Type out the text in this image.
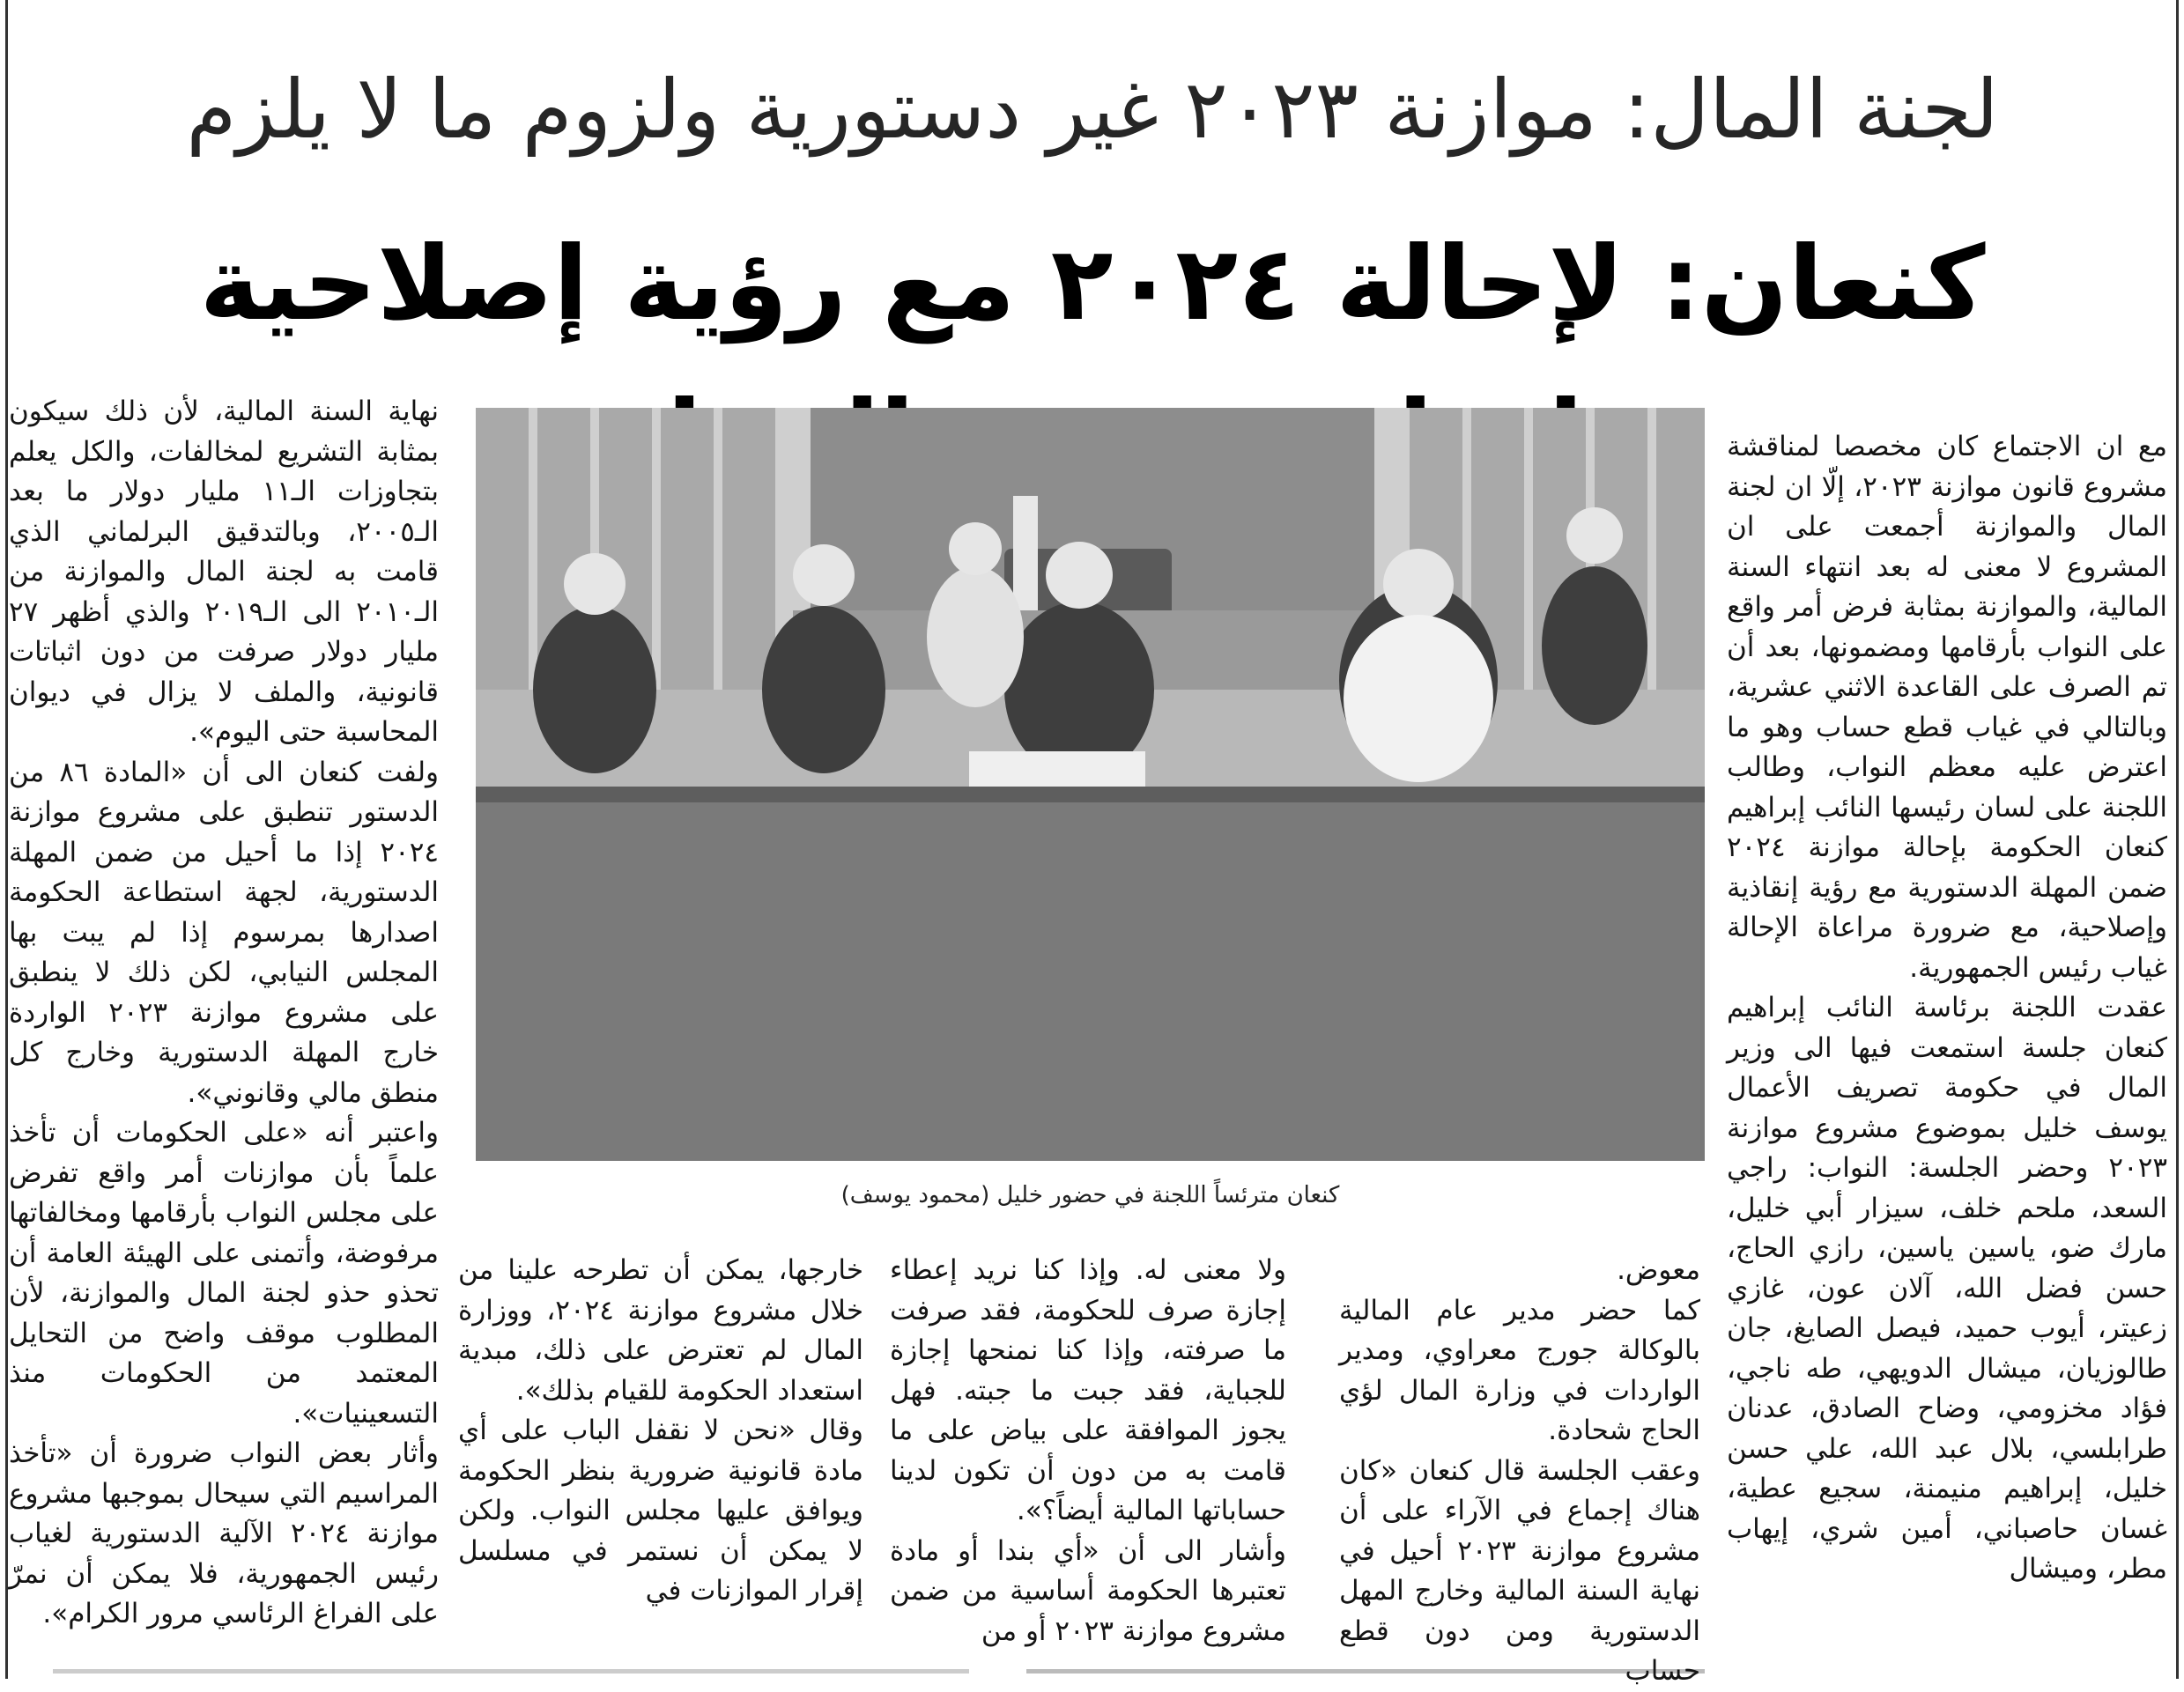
لجنة المال: موازنة ٢٠٢٣ غير دستورية ولزوم ما لا يلزم
كنعان: لإحالة ٢٠٢٤ مع رؤية إصلاحية

مع ان الاجتماع كان مخصصا لمناقشة مشروع قانون موازنة ٢٠٢٣، إلّا ان لجنة المال والموازنة أجمعت على ان المشروع لا معنى له بعد انتهاء السنة المالية، والموازنة بمثابة فرض أمر واقع على النواب بأرقامها ومضمونها، بعد أن تم الصرف على القاعدة الاثني عشرية، وبالتالي في غياب قطع حساب وهو ما اعترض عليه معظم النواب، وطالب اللجنة على لسان رئيسها النائب إبراهيم كنعان الحكومة بإحالة موازنة ٢٠٢٤ ضمن المهلة الدستورية مع رؤية إنقاذية وإصلاحية، مع ضرورة مراعاة الإحالة غياب رئيس الجمهورية.

عقدت اللجنة برئاسة النائب إبراهيم كنعان جلسة استمعت فيها الى وزير المال في حكومة تصريف الأعمال يوسف خليل بموضوع مشروع موازنة ٢٠٢٣ وحضر الجلسة: النواب: راجي السعد، ملحم خلف، سيزار أبي خليل، مارك ضو، ياسين ياسين، رازي الحاج، حسن فضل الله، آلان عون، غازي زعيتر، أيوب حميد، فيصل الصايغ، جان طالوزيان، ميشال الدويهي، طه ناجي، فؤاد مخزومي، وضاح الصادق، عدنان طرابلسي، بلال عبد الله، علي حسن خليل، إبراهيم منيمنة، سجيع عطية، غسان حاصباني، أمين شري، إيهاب مطر، وميشال

كنعان مترئساً اللجنة في حضور خليل (محمود يوسف)

معوض.

كما حضر مدير عام المالية بالوكالة جورج معراوي، ومدير الواردات في وزارة المال لؤي الحاج شحادة.

وعقب الجلسة قال كنعان «كان هناك إجماع في الآراء على أن مشروع موازنة ٢٠٢٣ أحيل في نهاية السنة المالية وخارج المهل الدستورية ومن دون قطع حساب

ولا معنى له. وإذا كنا نريد إعطاء إجازة صرف للحكومة، فقد صرفت ما صرفته، وإذا كنا نمنحها إجازة للجباية، فقد جبت ما جبته. فهل يجوز الموافقة على بياض على ما قامت به من دون أن تكون لدينا حساباتها المالية أيضاً؟».

وأشار الى أن «أي بندا أو مادة تعتبرها الحكومة أساسية من ضمن مشروع موازنة ٢٠٢٣ أو من

خارجها، يمكن أن تطرحه علينا من خلال مشروع موازنة ٢٠٢٤، ووزارة المال لم تعترض على ذلك، مبدية استعداد الحكومة للقيام بذلك».

وقال «نحن لا نقفل الباب على أي مادة قانونية ضرورية بنظر الحكومة ويوافق عليها مجلس النواب. ولكن لا يمكن أن نستمر في مسلسل إقرار الموازنات في

نهاية السنة المالية، لأن ذلك سيكون بمثابة التشريع لمخالفات، والكل يعلم بتجاوزات الـ١١ مليار دولار ما بعد الـ٢٠٠٥، وبالتدقيق البرلماني الذي قامت به لجنة المال والموازنة من الـ٢٠١٠ الى الـ٢٠١٩ والذي أظهر ٢٧ مليار دولار صرفت من دون اثباتات قانونية، والملف لا يزال في ديوان المحاسبة حتى اليوم».

ولفت كنعان الى أن «المادة ٨٦ من الدستور تنطبق على مشروع موازنة ٢٠٢٤ إذا ما أحيل من ضمن المهلة الدستورية، لجهة استطاعة الحكومة اصدارها بمرسوم إذا لم يبت بها المجلس النيابي، لكن ذلك لا ينطبق على مشروع موازنة ٢٠٢٣ الواردة خارج المهلة الدستورية وخارج كل منطق مالي وقانوني».

واعتبر أنه «على الحكومات أن تأخذ علماً بأن موازنات أمر واقع تفرض على مجلس النواب بأرقامها ومخالفاتها مرفوضة، وأتمنى على الهيئة العامة أن تحذو حذو لجنة المال والموازنة، لأن المطلوب موقف واضح من التحايل المعتمد من الحكومات منذ التسعينيات».

وأثار بعض النواب ضرورة أن «تأخذ المراسيم التي سيحال بموجبها مشروع موازنة ٢٠٢٤ الآلية الدستورية لغياب رئيس الجمهورية، فلا يمكن أن نمرّ على الفراغ الرئاسي مرور الكرام».
